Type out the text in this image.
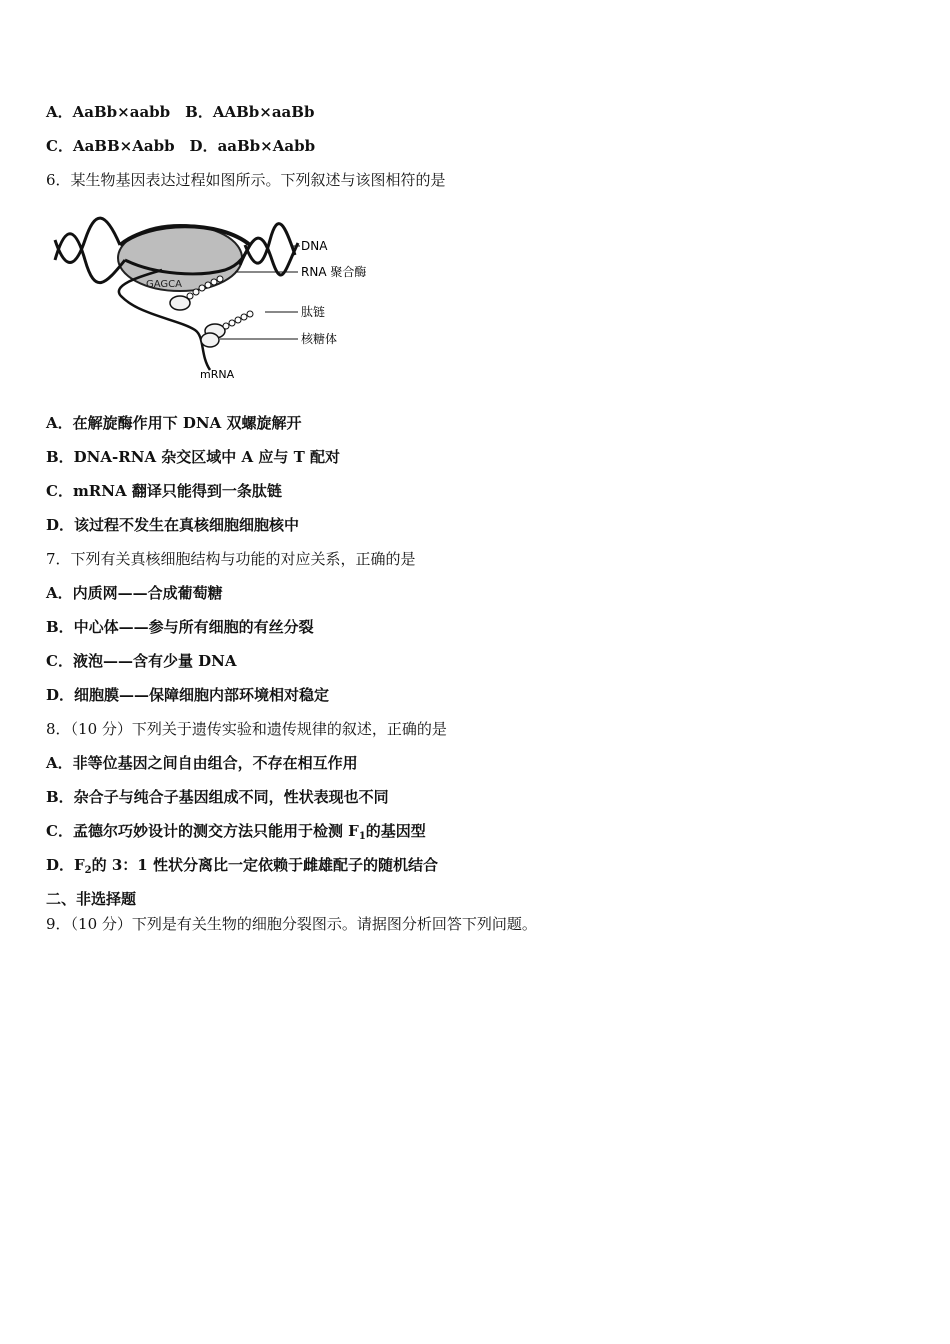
A．AaBb×aabb　B．AABb×aaBb
C．AaBB×Aabb　D．aaBb×Aabb
6．某生物基因表达过程如图所示。下列叙述与该图相符的是
DNA
RNA 聚合酶
肽链
核糖体
mRNA
GAGCA
A．在解旋酶作用下 DNA 双螺旋解开
B．DNA-RNA 杂交区域中 A 应与 T 配对
C．mRNA 翻译只能得到一条肽链
D．该过程不发生在真核细胞细胞核中
7．下列有关真核细胞结构与功能的对应关系，正确的是
A．内质网——合成葡萄糖
B．中心体——参与所有细胞的有丝分裂
C．液泡——含有少量 DNA
D．细胞膜——保障细胞内部环境相对稳定
8．（10 分）下列关于遗传实验和遗传规律的叙述，正确的是
A．非等位基因之间自由组合，不存在相互作用
B．杂合子与纯合子基因组成不同，性状表现也不同
C．孟德尔巧妙设计的测交方法只能用于检测 $F_1$的基因型
D．$F_2$的 3：1 性状分离比一定依赖于雌雄配子的随机结合
二、非选择题
9．（10 分）下列是有关生物的细胞分裂图示。请据图分析回答下列问题。
